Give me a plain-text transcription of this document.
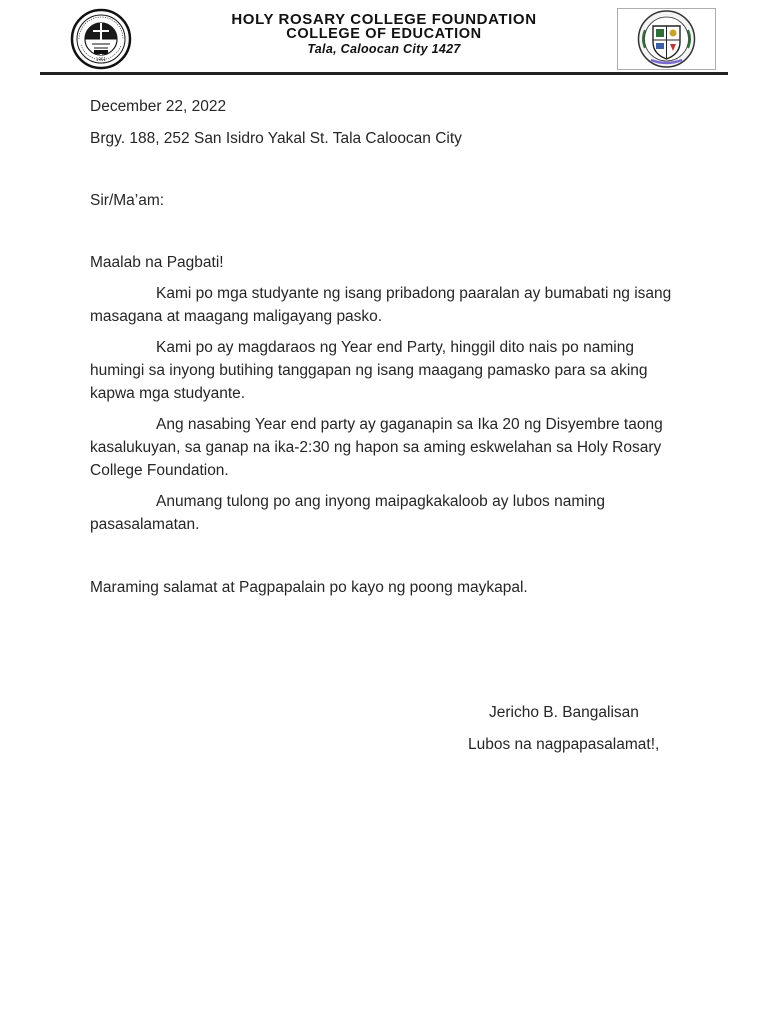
1951
HOLY ROSARY COLLEGE FOUNDATION
COLLEGE OF EDUCATION
Tala, Caloocan City 1427
December 22, 2022
Brgy. 188, 252 San Isidro Yakal St. Tala Caloocan City
Sir/Ma’am:
Maalab na Pagbati!

Kami po mga studyante ng isang pribadong paaralan ay bumabati ng isang masagana at maagang maligayang pasko.

Kami po ay magdaraos ng Year end Party, hinggil dito nais po naming humingi sa inyong butihing tanggapan ng isang maagang pamasko para sa aking kapwa mga studyante.

Ang nasabing Year end party ay gaganapin sa Ika 20 ng Disyembre taong kasalukuyan, sa ganap na ika-2:30 ng hapon sa aming eskwelahan sa Holy Rosary College Foundation.

Anumang tulong po ang inyong maipagkakaloob ay lubos naming pasasalamatan.

Maraming salamat at Pagpapalain po kayo ng poong maykapal.
Jericho B. Bangalisan
Lubos na nagpapasalamat!,
